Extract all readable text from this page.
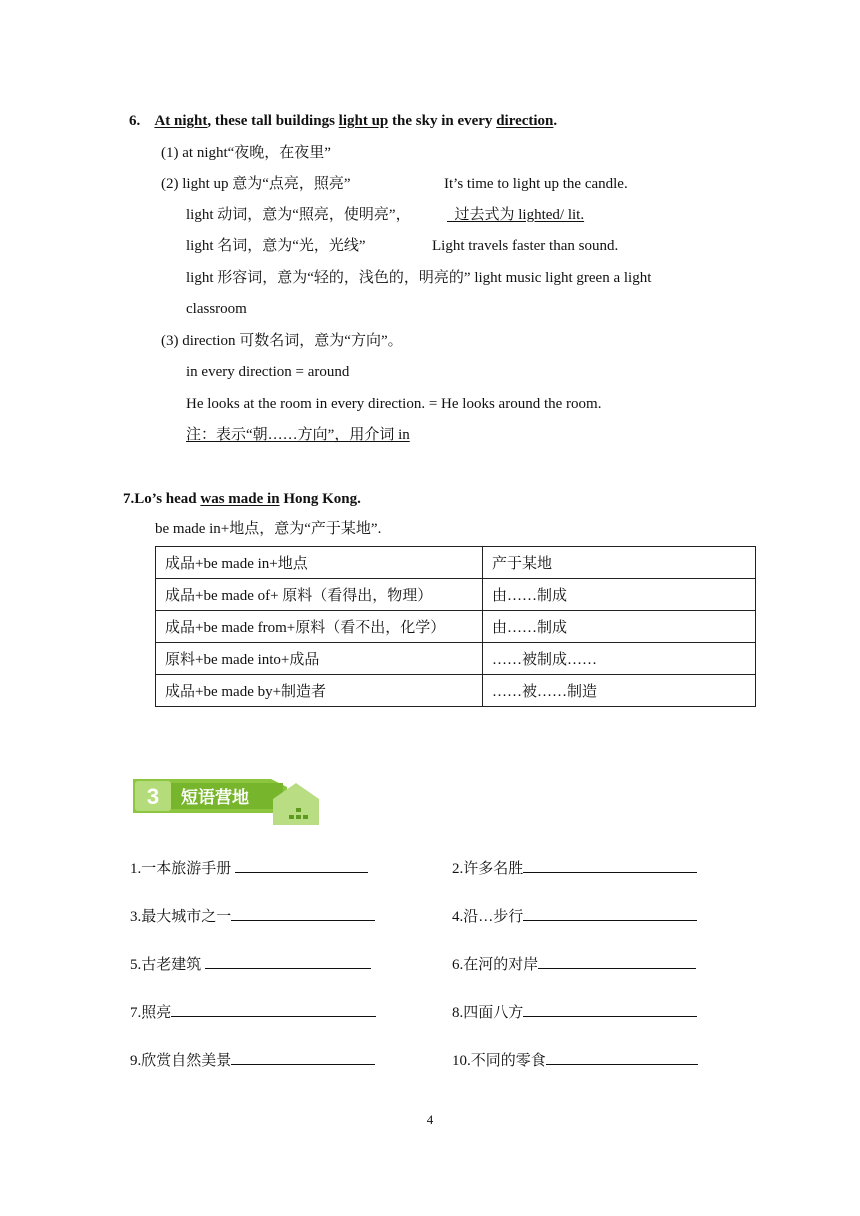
6. At night, these tall buildings light up the sky in every direction.
(1) at night“夜晚，在夜里”
(2) light up 意为“点亮，照亮”	It’s time to light up the candle.
light 动词，意为“照亮，使明亮”，	过去式为 lighted/ lit.
light 名词，意为“光，光线”	Light travels faster than sound.
light 形容词，意为“轻的，浅色的，明亮的” light music light green a light
classroom
(3) direction 可数名词，意为“方向”。
in every direction = around
He looks at the room in every direction. = He looks around the room.
注：表示“朝……方向”，用介词 in
7.Lo’s head was made in Hong Kong.
be made in+地点，意为“产于某地”.
成品+be made in+地点	产于某地
成品+be made of+ 原料（看得出，物理）	由……制成
成品+be made from+原料（看不出，化学）	由……制成
原料+be made into+成品	……被制成……
成品+be made by+制造者	……被……制造
3 短语营地
1.一本旅游手册	2.许多名胜
3.最大城市之一	4.沿…步行
5.古老建筑	6.在河的对岸
7.照亮	8.四面八方
9.欣赏自然美景	10.不同的零食
4
